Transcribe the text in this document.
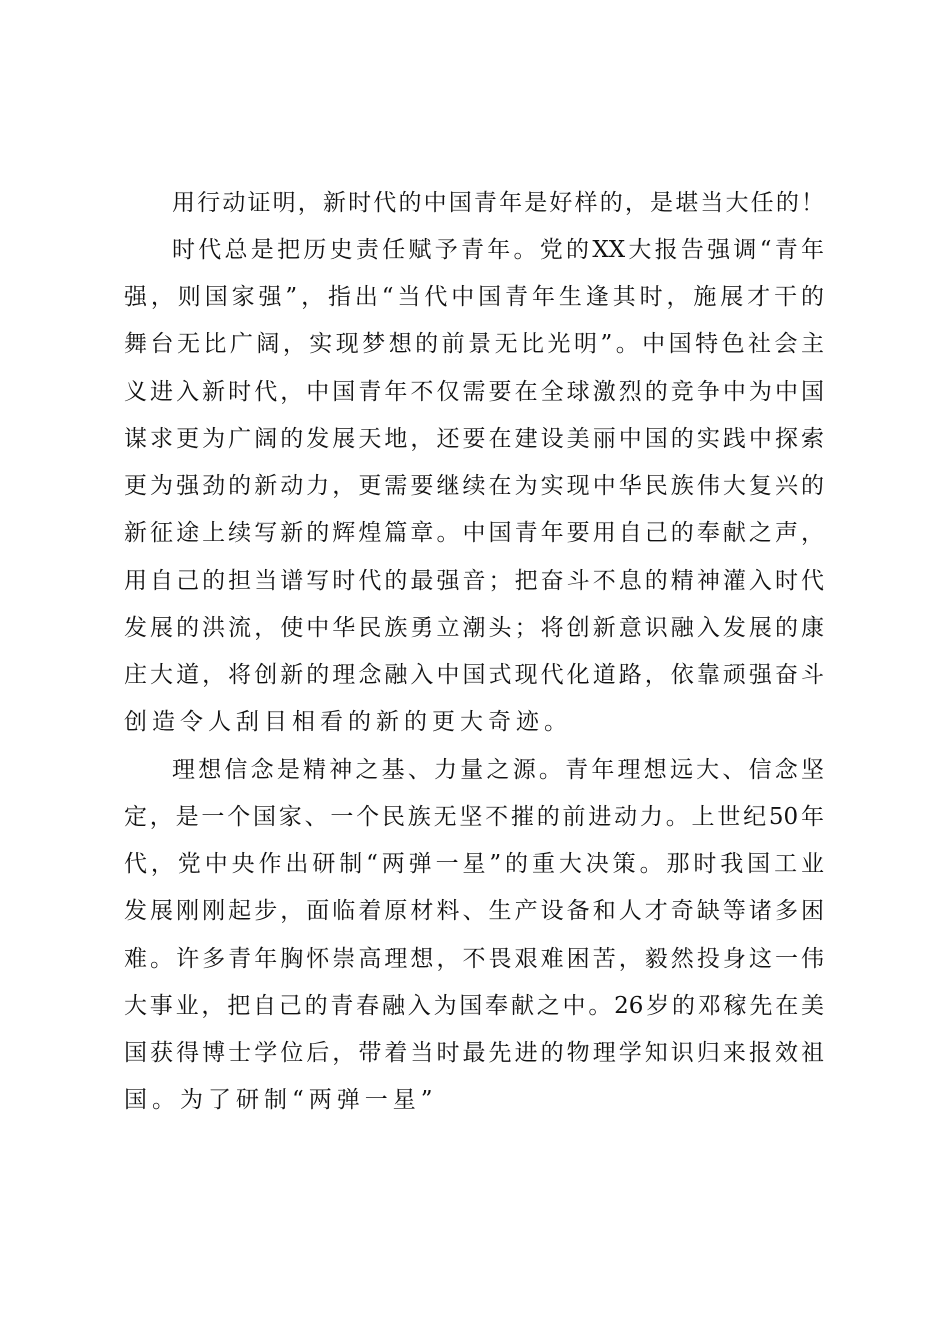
用行动证明，新时代的中国青年是好样的，是堪当大任的！
时代总是把历史责任赋予青年。党的XX大报告强调“青年
强，则国家强”，指出“当代中国青年生逢其时，施展才干的
舞台无比广阔，实现梦想的前景无比光明”。中国特色社会主
义进入新时代，中国青年不仅需要在全球激烈的竞争中为中国
谋求更为广阔的发展天地，还要在建设美丽中国的实践中探索
更为强劲的新动力，更需要继续在为实现中华民族伟大复兴的
新征途上续写新的辉煌篇章。中国青年要用自己的奉献之声，
用自己的担当谱写时代的最强音；把奋斗不息的精神灌入时代
发展的洪流，使中华民族勇立潮头；将创新意识融入发展的康
庄大道，将创新的理念融入中国式现代化道路，依靠顽强奋斗
创造令人刮目相看的新的更大奇迹。
理想信念是精神之基、力量之源。青年理想远大、信念坚
定，是一个国家、一个民族无坚不摧的前进动力。上世纪50年
代，党中央作出研制“两弹一星”的重大决策。那时我国工业
发展刚刚起步，面临着原材料、生产设备和人才奇缺等诸多困
难。许多青年胸怀崇高理想，不畏艰难困苦，毅然投身这一伟
大事业，把自己的青春融入为国奉献之中。26岁的邓稼先在美
国获得博士学位后，带着当时最先进的物理学知识归来报效祖
国。为了研制“两弹一星”
